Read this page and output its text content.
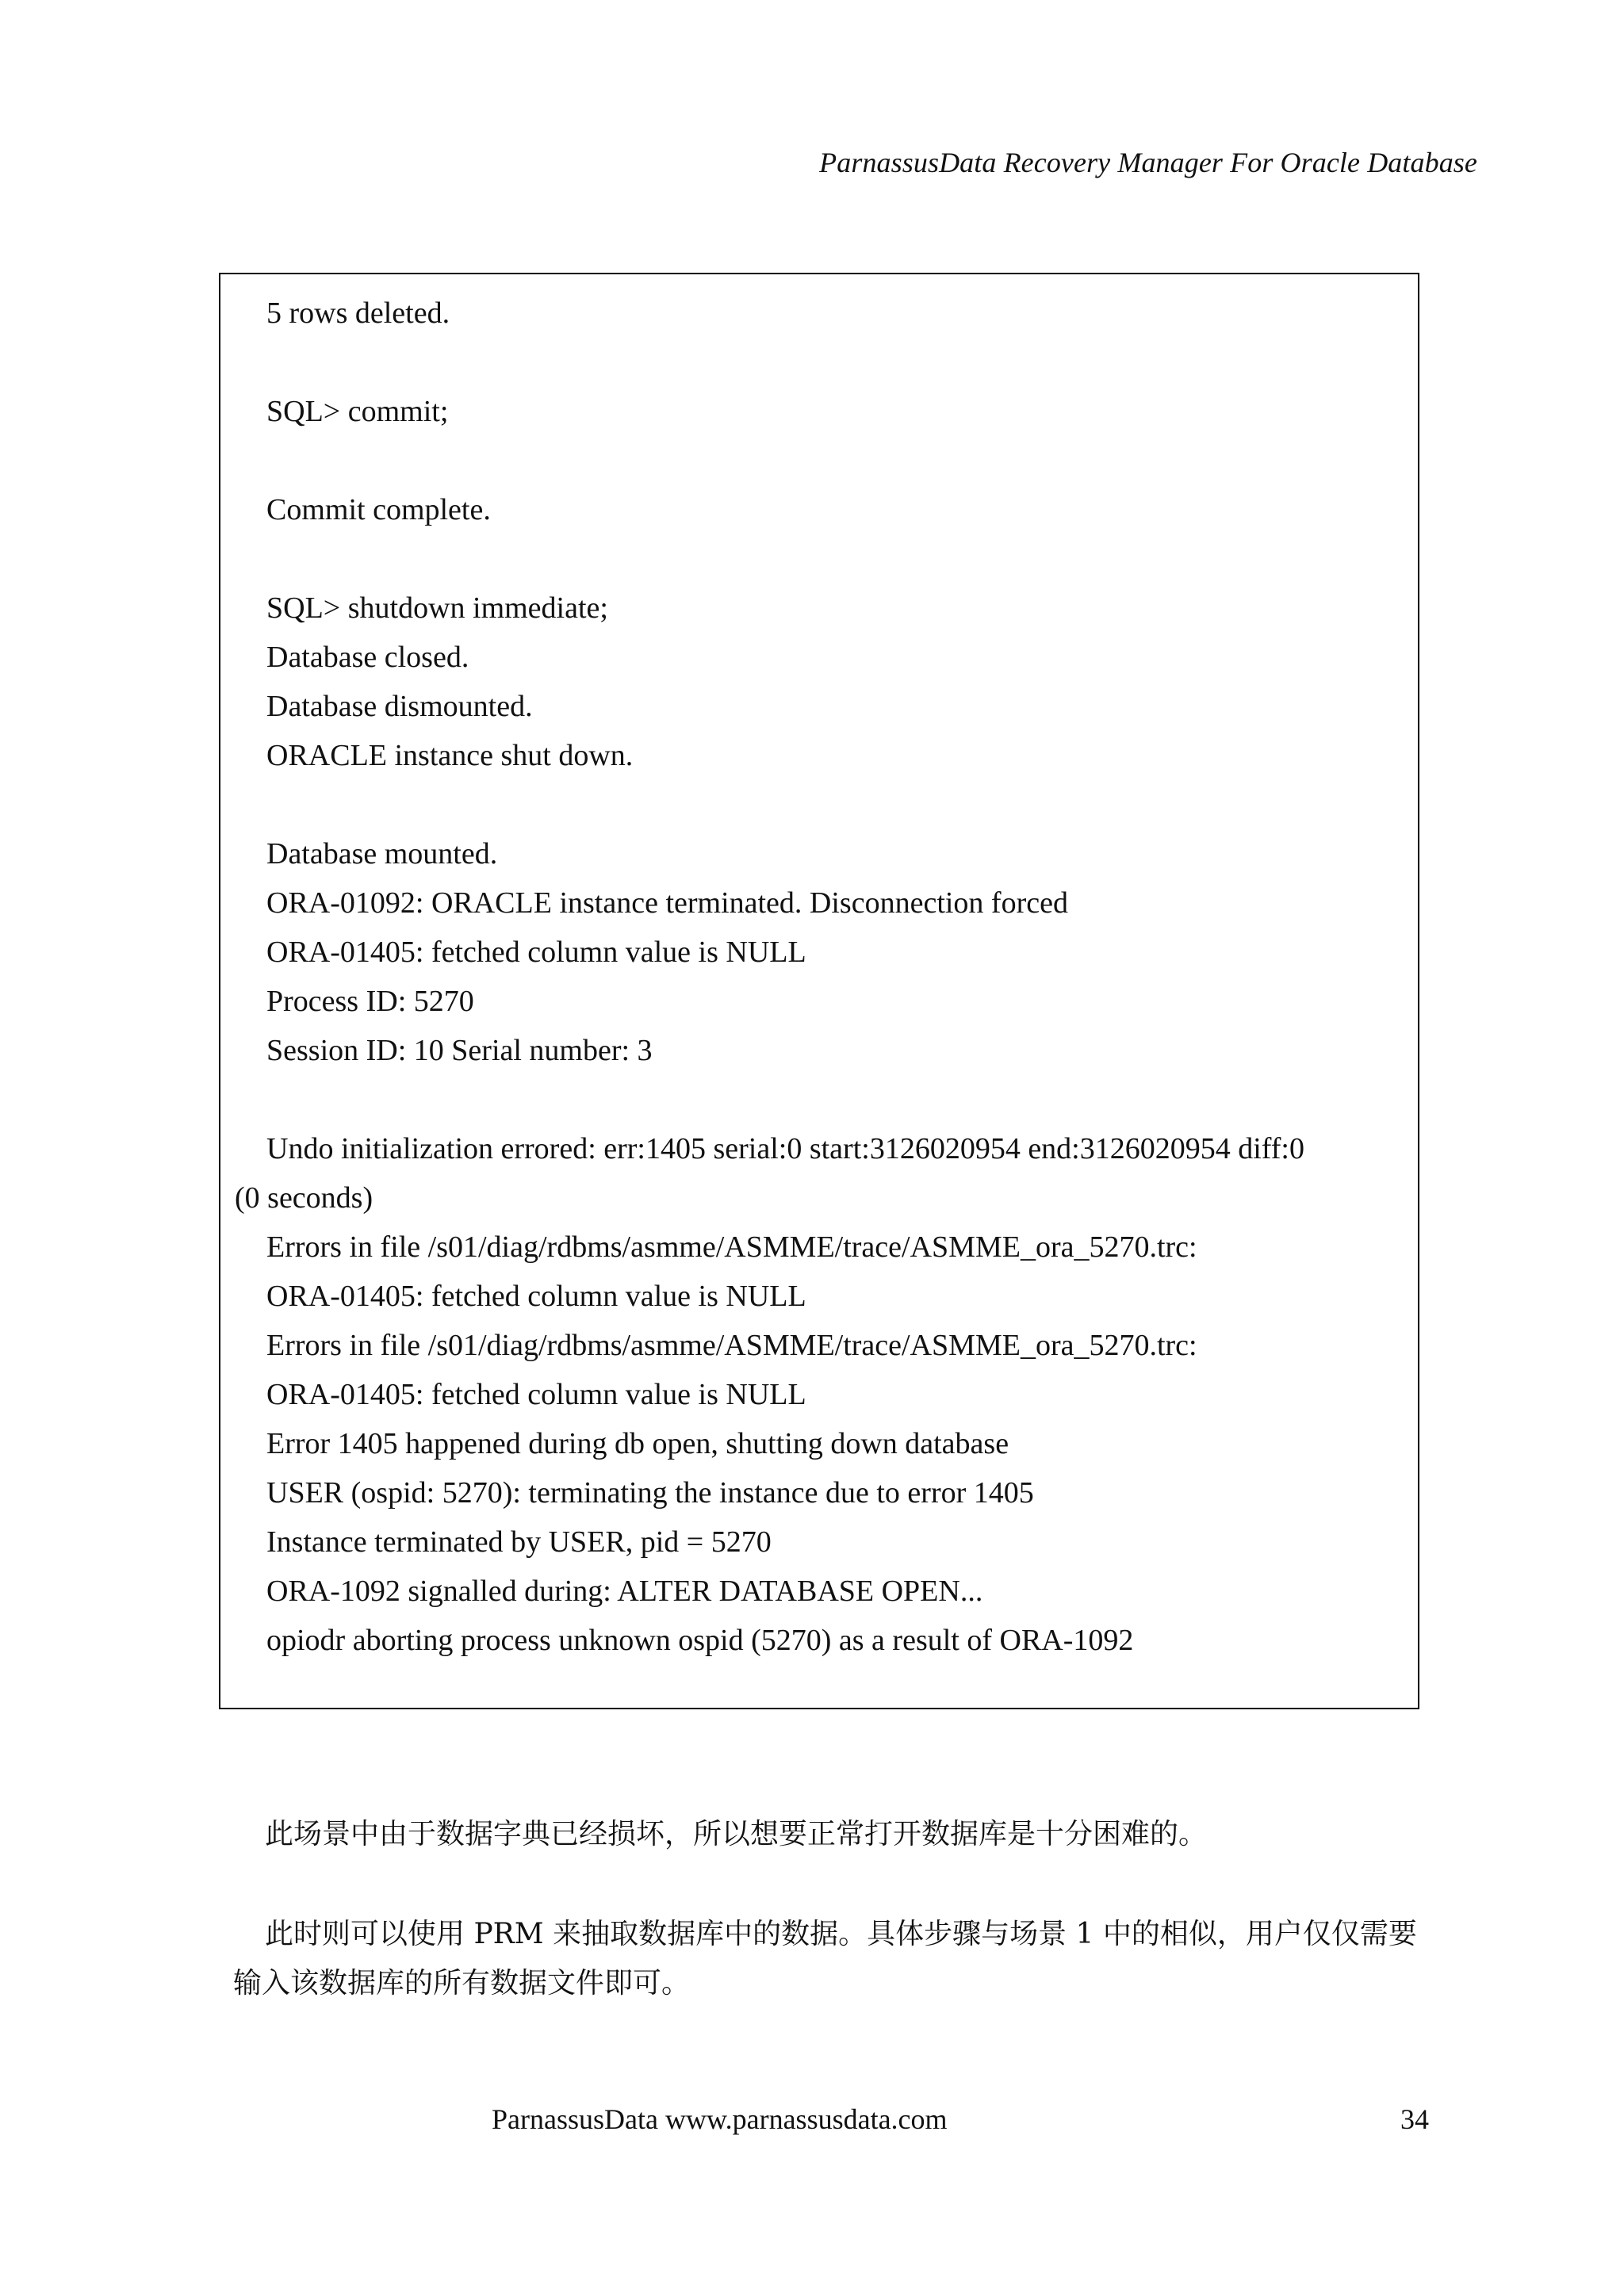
ParnassusData Recovery Manager For Oracle Database
5 rows deleted.
SQL> commit;
Commit complete.
SQL> shutdown immediate;
Database closed.
Database dismounted.
ORACLE instance shut down.
Database mounted.
ORA-01092: ORACLE instance terminated. Disconnection forced
ORA-01405: fetched column value is NULL
Process ID: 5270
Session ID: 10 Serial number: 3
Undo initialization errored: err:1405 serial:0 start:3126020954 end:3126020954 diff:0
(0 seconds)
Errors in file /s01/diag/rdbms/asmme/ASMME/trace/ASMME_ora_5270.trc:
ORA-01405: fetched column value is NULL
Errors in file /s01/diag/rdbms/asmme/ASMME/trace/ASMME_ora_5270.trc:
ORA-01405: fetched column value is NULL
Error 1405 happened during db open, shutting down database
USER (ospid: 5270): terminating the instance due to error 1405
Instance terminated by USER, pid = 5270
ORA-1092 signalled during: ALTER DATABASE OPEN...
opiodr aborting process unknown ospid (5270) as a result of ORA-1092
此场景中由于数据字典已经损坏，所以想要正常打开数据库是十分困难的。
此时则可以使用 PRM 来抽取数据库中的数据。具体步骤与场景 1 中的相似，用户仅仅需要
输入该数据库的所有数据文件即可。
ParnassusData www.parnassusdata.com	34
